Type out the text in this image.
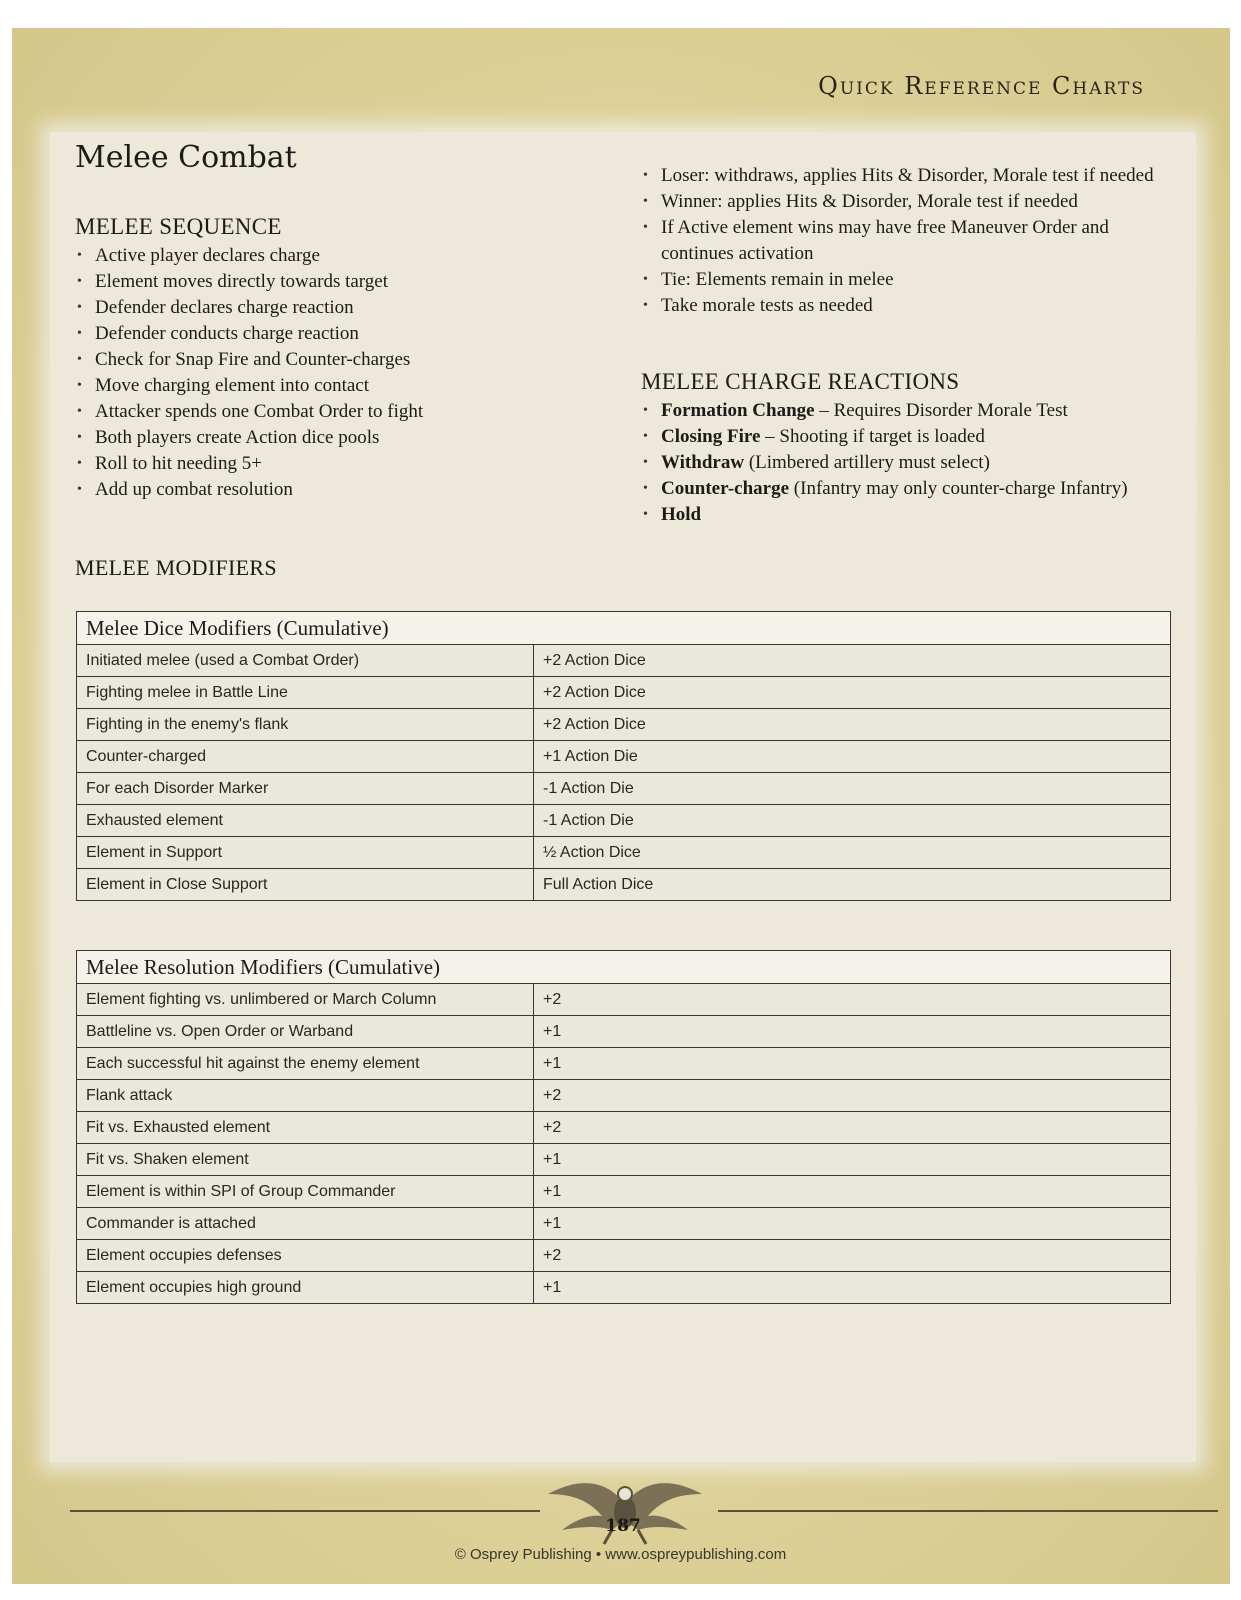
Quick Reference Charts
Melee Combat
MELEE SEQUENCE
• Active player declares charge
• Element moves directly towards target
• Defender declares charge reaction
• Defender conducts charge reaction
• Check for Snap Fire and Counter-charges
• Move charging element into contact
• Attacker spends one Combat Order to fight
• Both players create Action dice pools
• Roll to hit needing 5+
• Add up combat resolution
• Loser: withdraws, applies Hits & Disorder, Morale test if needed
• Winner: applies Hits & Disorder, Morale test if needed
• If Active element wins may have free Maneuver Order and continues activation
• Tie: Elements remain in melee
• Take morale tests as needed
MELEE CHARGE REACTIONS
• Formation Change – Requires Disorder Morale Test
• Closing Fire – Shooting if target is loaded
• Withdraw (Limbered artillery must select)
• Counter-charge (Infantry may only counter-charge Infantry)
• Hold
MELEE MODIFIERS
Melee Dice Modifiers (Cumulative)	
Initiated melee (used a Combat Order)	+2 Action Dice
Fighting melee in Battle Line	+2 Action Dice
Fighting in the enemy's flank	+2 Action Dice
Counter-charged	+1 Action Die
For each Disorder Marker	-1 Action Die
Exhausted element	-1 Action Die
Element in Support	½ Action Dice
Element in Close Support	Full Action Dice
Melee Resolution Modifiers (Cumulative)	
Element fighting vs. unlimbered or March Column	+2
Battleline vs. Open Order or Warband	+1
Each successful hit against the enemy element	+1
Flank attack	+2
Fit vs. Exhausted element	+2
Fit vs. Shaken element	+1
Element is within SPI of Group Commander	+1
Commander is attached	+1
Element occupies defenses	+2
Element occupies high ground	+1
187
© Osprey Publishing • www.ospreypublishing.com
